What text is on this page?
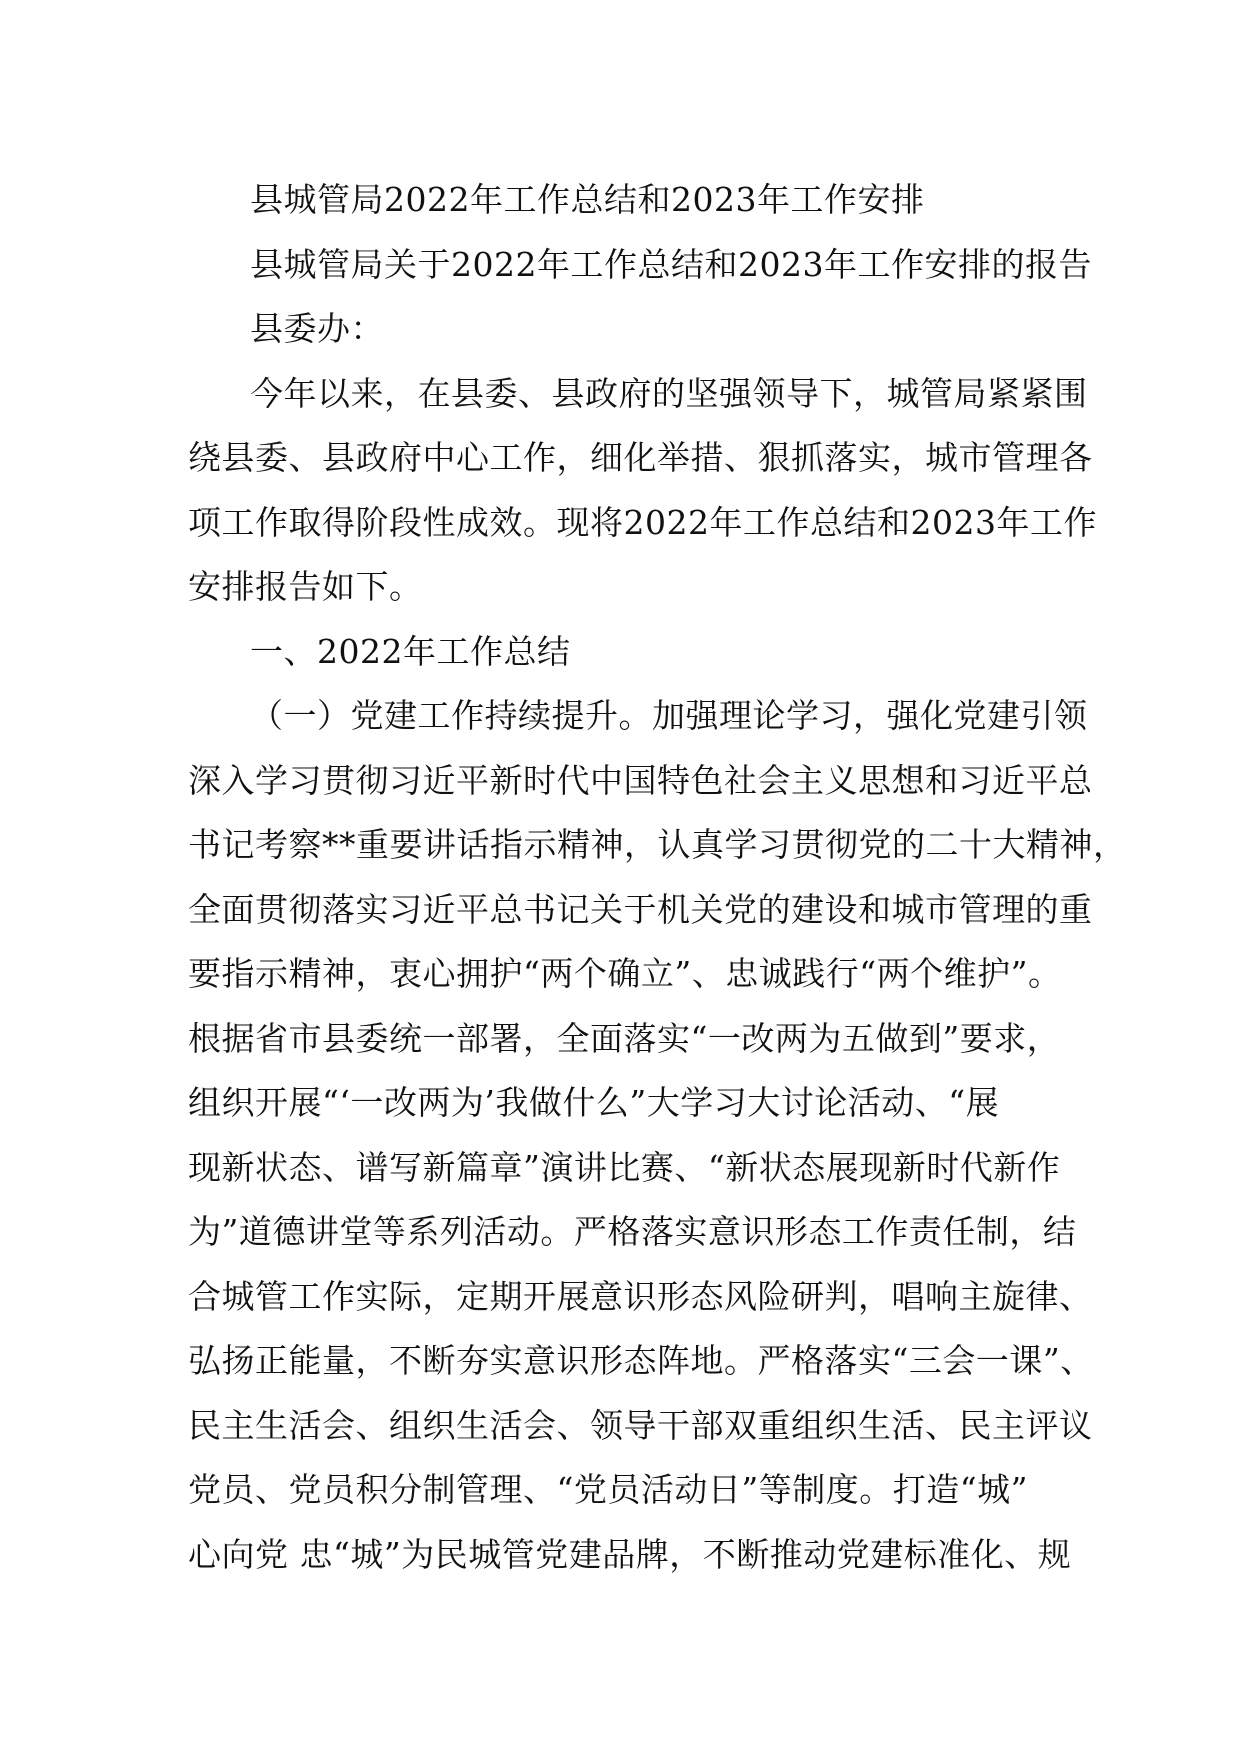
县城管局2022年工作总结和2023年工作安排
县城管局关于2022年工作总结和2023年工作安排的报告
县委办：
今年以来，在县委、县政府的坚强领导下，城管局紧紧围
绕县委、县政府中心工作，细化举措、狠抓落实，城市管理各
项工作取得阶段性成效。现将2022年工作总结和2023年工作
安排报告如下。
一、2022年工作总结
（一）党建工作持续提升。加强理论学习，强化党建引领
深入学习贯彻习近平新时代中国特色社会主义思想和习近平总
书记考察**重要讲话指示精神，认真学习贯彻党的二十大精神，
全面贯彻落实习近平总书记关于机关党的建设和城市管理的重
要指示精神，衷心拥护“两个确立”、忠诚践行“两个维护”。
根据省市县委统一部署，全面落实“一改两为五做到”要求，
组织开展“‘一改两为’我做什么”大学习大讨论活动、“展
现新状态、谱写新篇章”演讲比赛、“新状态展现新时代新作
为”道德讲堂等系列活动。严格落实意识形态工作责任制，结
合城管工作实际，定期开展意识形态风险研判，唱响主旋律、
弘扬正能量，不断夯实意识形态阵地。严格落实“三会一课”、
民主生活会、组织生活会、领导干部双重组织生活、民主评议
党员、党员积分制管理、“党员活动日”等制度。打造“城”
心向党 忠“城”为民城管党建品牌，不断推动党建标准化、规
